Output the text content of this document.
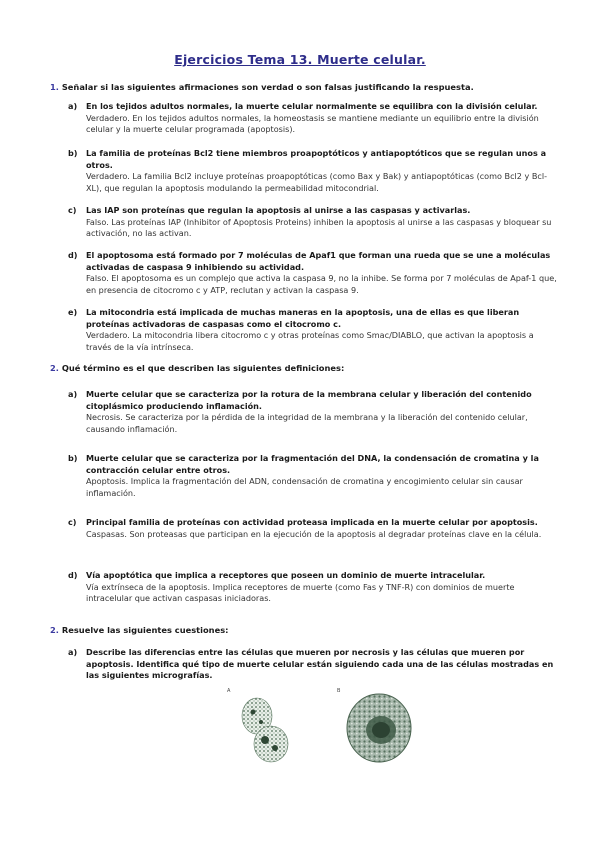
Ejercicios Tema 13. Muerte celular.
1. Señalar si las siguientes afirmaciones son verdad o son falsas justificando la respuesta.
a) En los tejidos adultos normales, la muerte celular normalmente se equilibra con la división celular.
Verdadero. En los tejidos adultos normales, la homeostasis se mantiene mediante un equilibrio entre la división celular y la muerte celular programada (apoptosis).
b) La familia de proteínas Bcl2 tiene miembros proapoptóticos y antiapoptóticos que se regulan unos a otros.
Verdadero. La familia Bcl2 incluye proteínas proapoptóticas (como Bax y Bak) y antiapoptóticas (como Bcl2 y Bcl-XL), que regulan la apoptosis modulando la permeabilidad mitocondrial.
c) Las IAP son proteínas que regulan la apoptosis al unirse a las caspasas y activarlas.
Falso. Las proteínas IAP (Inhibitor of Apoptosis Proteins) inhiben la apoptosis al unirse a las caspasas y bloquear su activación, no las activan.
d) El apoptosoma está formado por 7 moléculas de Apaf1 que forman una rueda que se une a moléculas activadas de caspasa 9 inhibiendo su actividad.
Falso. El apoptosoma es un complejo que activa la caspasa 9, no la inhibe. Se forma por 7 moléculas de Apaf-1 que, en presencia de citocromo c y ATP, reclutan y activan la caspasa 9.
e) La mitocondria está implicada de muchas maneras en la apoptosis, una de ellas es que liberan proteínas activadoras de caspasas como el citocromo c.
Verdadero. La mitocondria libera citocromo c y otras proteínas como Smac/DIABLO, que activan la apoptosis a través de la vía intrínseca.
2. Qué término es el que describen las siguientes definiciones:
a) Muerte celular que se caracteriza por la rotura de la membrana celular y liberación del contenido citoplásmico produciendo inflamación.
Necrosis. Se caracteriza por la pérdida de la integridad de la membrana y la liberación del contenido celular, causando inflamación.
b) Muerte celular que se caracteriza por la fragmentación del DNA, la condensación de cromatina y la contracción celular entre otros.
Apoptosis. Implica la fragmentación del ADN, condensación de cromatina y encogimiento celular sin causar inflamación.
c) Principal familia de proteínas con actividad proteasa implicada en la muerte celular por apoptosis.
Caspasas. Son proteasas que participan en la ejecución de la apoptosis al degradar proteínas clave en la célula.
d) Vía apoptótica que implica a receptores que poseen un dominio de muerte intracelular.
Vía extrínseca de la apoptosis. Implica receptores de muerte (como Fas y TNF-R) con dominios de muerte intracelular que activan caspasas iniciadoras.
2. Resuelve las siguientes cuestiones:
a) Describe las diferencias entre las células que mueren por necrosis y las células que mueren por apoptosis. Identifica qué tipo de muerte celular están siguiendo cada una de las células mostradas en las siguientes micrografías.
A	B
